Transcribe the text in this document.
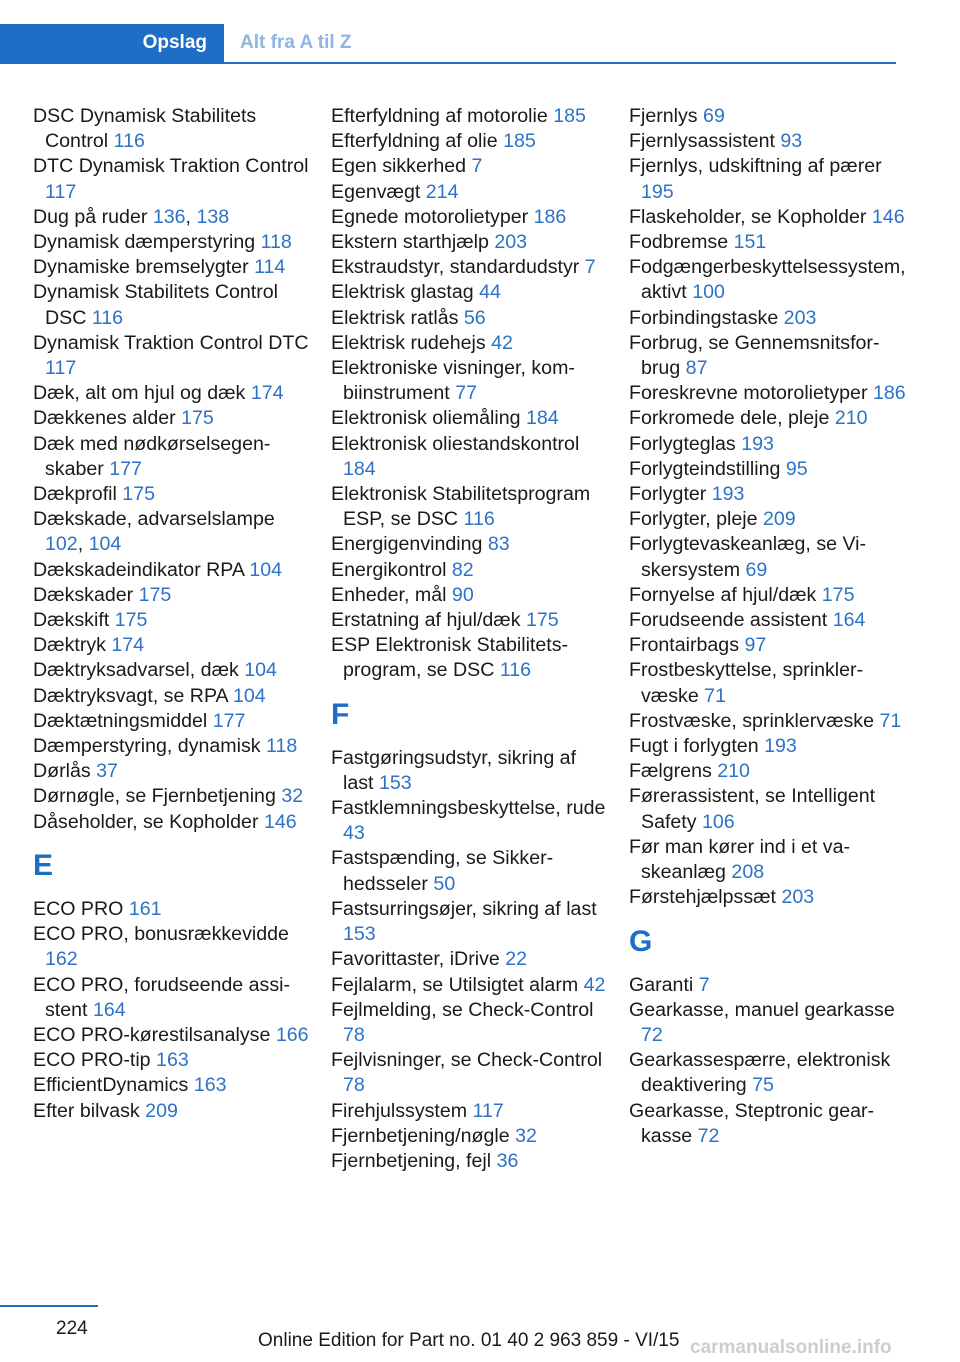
Opslag	Alt fra A til Z
DSC Dynamisk Stabilitets Control 116
DTC Dynamisk Traktion Control 117
Dug på ruder 136, 138
Dynamisk dæmperstyring 118
Dynamiske bremselygter 114
Dynamisk Stabilitets Control DSC 116
Dynamisk Traktion Control DTC 117
Dæk, alt om hjul og dæk 174
Dækkenes alder 175
Dæk med nødkørselsegenskaber 177
Dækprofil 175
Dækskade, advarselslampe 102, 104
Dækskadeindikator RPA 104
Dækskader 175
Dækskift 175
Dæktryk 174
Dæktryksadvarsel, dæk 104
Dæktryksvagt, se RPA 104
Dæktætningsmiddel 177
Dæmperstyring, dynamisk 118
Dørlås 37
Dørnøgle, se Fjernbetjening 32
Dåseholder, se Kopholder 146
E
ECO PRO 161
ECO PRO, bonusrækkevidde 162
ECO PRO, forudseende assistent 164
ECO PRO-kørestilsanalyse 166
ECO PRO-tip 163
EfficientDynamics 163
Efter bilvask 209
Efterfyldning af motorolie 185
Efterfyldning af olie 185
Egen sikkerhed 7
Egenvægt 214
Egnede motorolietyper 186
Ekstern starthjælp 203
Ekstraudstyr, standardudstyr 7
Elektrisk glastag 44
Elektrisk ratlås 56
Elektrisk rudehejs 42
Elektroniske visninger, kombiinstrument 77
Elektronisk oliemåling 184
Elektronisk oliestandskontrol 184
Elektronisk Stabilitetsprogram ESP, se DSC 116
Energigenvinding 83
Energikontrol 82
Enheder, mål 90
Erstatning af hjul/dæk 175
ESP Elektronisk Stabilitetsprogram, se DSC 116
F
Fastgøringsudstyr, sikring af last 153
Fastklemningsbeskyttelse, rude 43
Fastspænding, se Sikkerhedsseler 50
Fastsurringsøjer, sikring af last 153
Favorittaster, iDrive 22
Fejlalarm, se Utilsigtet alarm 42
Fejlmelding, se Check-Control 78
Fejlvisninger, se Check-Control 78
Firehjulssystem 117
Fjernbetjening/nøgle 32
Fjernbetjening, fejl 36
Fjernlys 69
Fjernlysassistent 93
Fjernlys, udskiftning af pærer 195
Flaskeholder, se Kopholder 146
Fodbremse 151
Fodgængerbeskyttelsessystem, aktivt 100
Forbindingstaske 203
Forbrug, se Gennemsnitsforbrug 87
Foreskrevne motorolietyper 186
Forkromede dele, pleje 210
Forlygteglas 193
Forlygteindstilling 95
Forlygter 193
Forlygter, pleje 209
Forlygtevaskeanlæg, se Viskersystem 69
Fornyelse af hjul/dæk 175
Forudseende assistent 164
Frontairbags 97
Frostbeskyttelse, sprinklervæske 71
Frostvæske, sprinklervæske 71
Fugt i forlygten 193
Fælgrens 210
Førerassistent, se Intelligent Safety 106
Før man kører ind i et vaskeanlæg 208
Førstehjælpssæt 203
G
Garanti 7
Gearkasse, manuel gearkasse 72
Gearkassespærre, elektronisk deaktivering 75
Gearkasse, Steptronic gearkasse 72
224
Online Edition for Part no. 01 40 2 963 859 - VI/15 carmanualsonline.info
